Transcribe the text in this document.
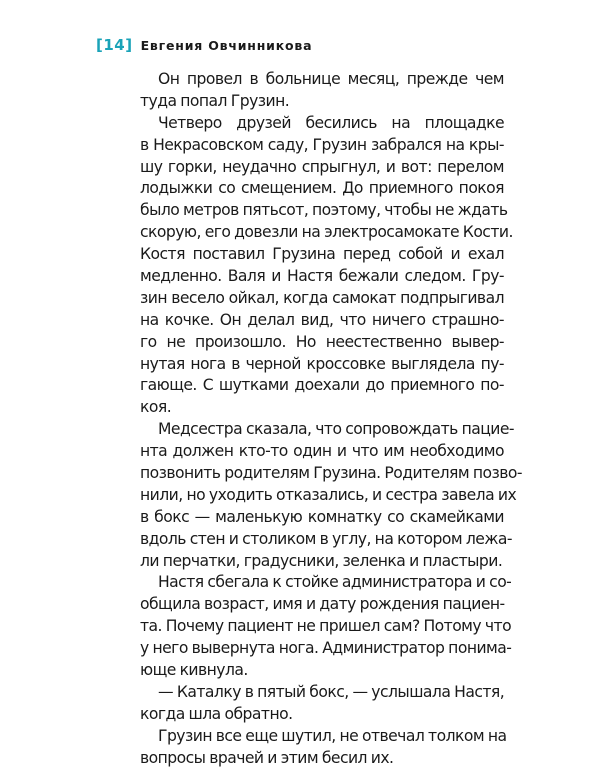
[14] Евгения Овчинникова

Он провел в больнице месяц, прежде чем
туда попал Грузин.

Четверо друзей бесились на площадке
в Некрасовском саду, Грузин забрался на кры-
шу горки, неудачно спрыгнул, и вот: перелом
лодыжки со смещением. До приемного покоя
было метров пятьсот, поэтому, чтобы не ждать
скорую, его довезли на электросамокате Кости.
Костя поставил Грузина перед собой и ехал
медленно. Валя и Настя бежали следом. Гру-
зин весело ойкал, когда самокат подпрыгивал
на кочке. Он делал вид, что ничего страшно-
го не произошло. Но неестественно вывер-
нутая нога в черной кроссовке выглядела пу-
гающе. С шутками доехали до приемного по-
коя.

Медсестра сказала, что сопровождать пацие-
нта должен кто-то один и что им необходимо
позвонить родителям Грузина. Родителям позво-
нили, но уходить отказались, и сестра завела их
в бокс — маленькую комнатку со скамейками
вдоль стен и столиком в углу, на котором лежа-
ли перчатки, градусники, зеленка и пластыри.

Настя сбегала к стойке администратора и со-
общила возраст, имя и дату рождения пациен-
та. Почему пациент не пришел сам? Потому что
у него вывернута нога. Администратор понима-
юще кивнула.

— Каталку в пятый бокс, — услышала Настя,
когда шла обратно.

Грузин все еще шутил, не отвечал толком на
вопросы врачей и этим бесил их.
